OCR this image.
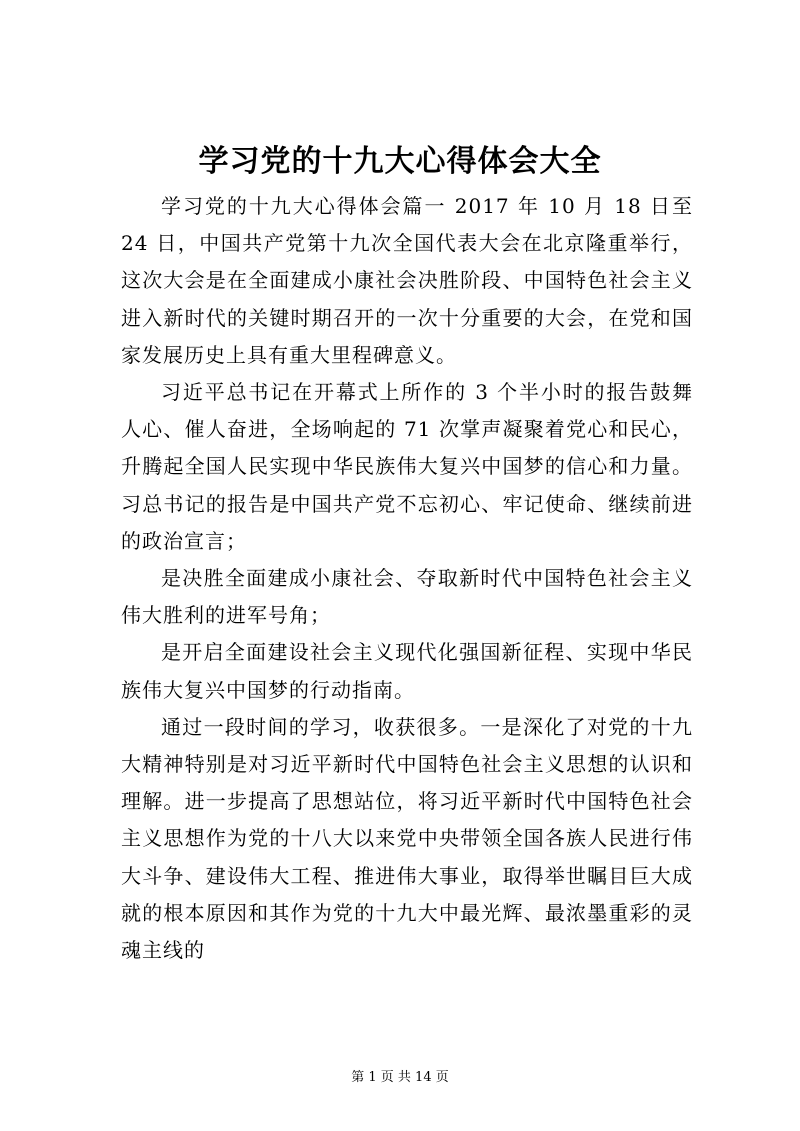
学习党的十九大心得体会大全

学习党的十九大心得体会篇一 2017 年 10 月 18 日至 24 日，中国共产党第十九次全国代表大会在北京隆重举行，这次大会是在全面建成小康社会决胜阶段、中国特色社会主义进入新时代的关键时期召开的一次十分重要的大会，在党和国家发展历史上具有重大里程碑意义。

习近平总书记在开幕式上所作的 3 个半小时的报告鼓舞人心、催人奋进，全场响起的 71 次掌声凝聚着党心和民心，升腾起全国人民实现中华民族伟大复兴中国梦的信心和力量。习总书记的报告是中国共产党不忘初心、牢记使命、继续前进的政治宣言；

是决胜全面建成小康社会、夺取新时代中国特色社会主义伟大胜利的进军号角；

是开启全面建设社会主义现代化强国新征程、实现中华民族伟大复兴中国梦的行动指南。

通过一段时间的学习，收获很多。一是深化了对党的十九大精神特别是对习近平新时代中国特色社会主义思想的认识和理解。进一步提高了思想站位，将习近平新时代中国特色社会主义思想作为党的十八大以来党中央带领全国各族人民进行伟大斗争、建设伟大工程、推进伟大事业，取得举世瞩目巨大成就的根本原因和其作为党的十九大中最光辉、最浓墨重彩的灵魂主线的

第 1 页 共 14 页
